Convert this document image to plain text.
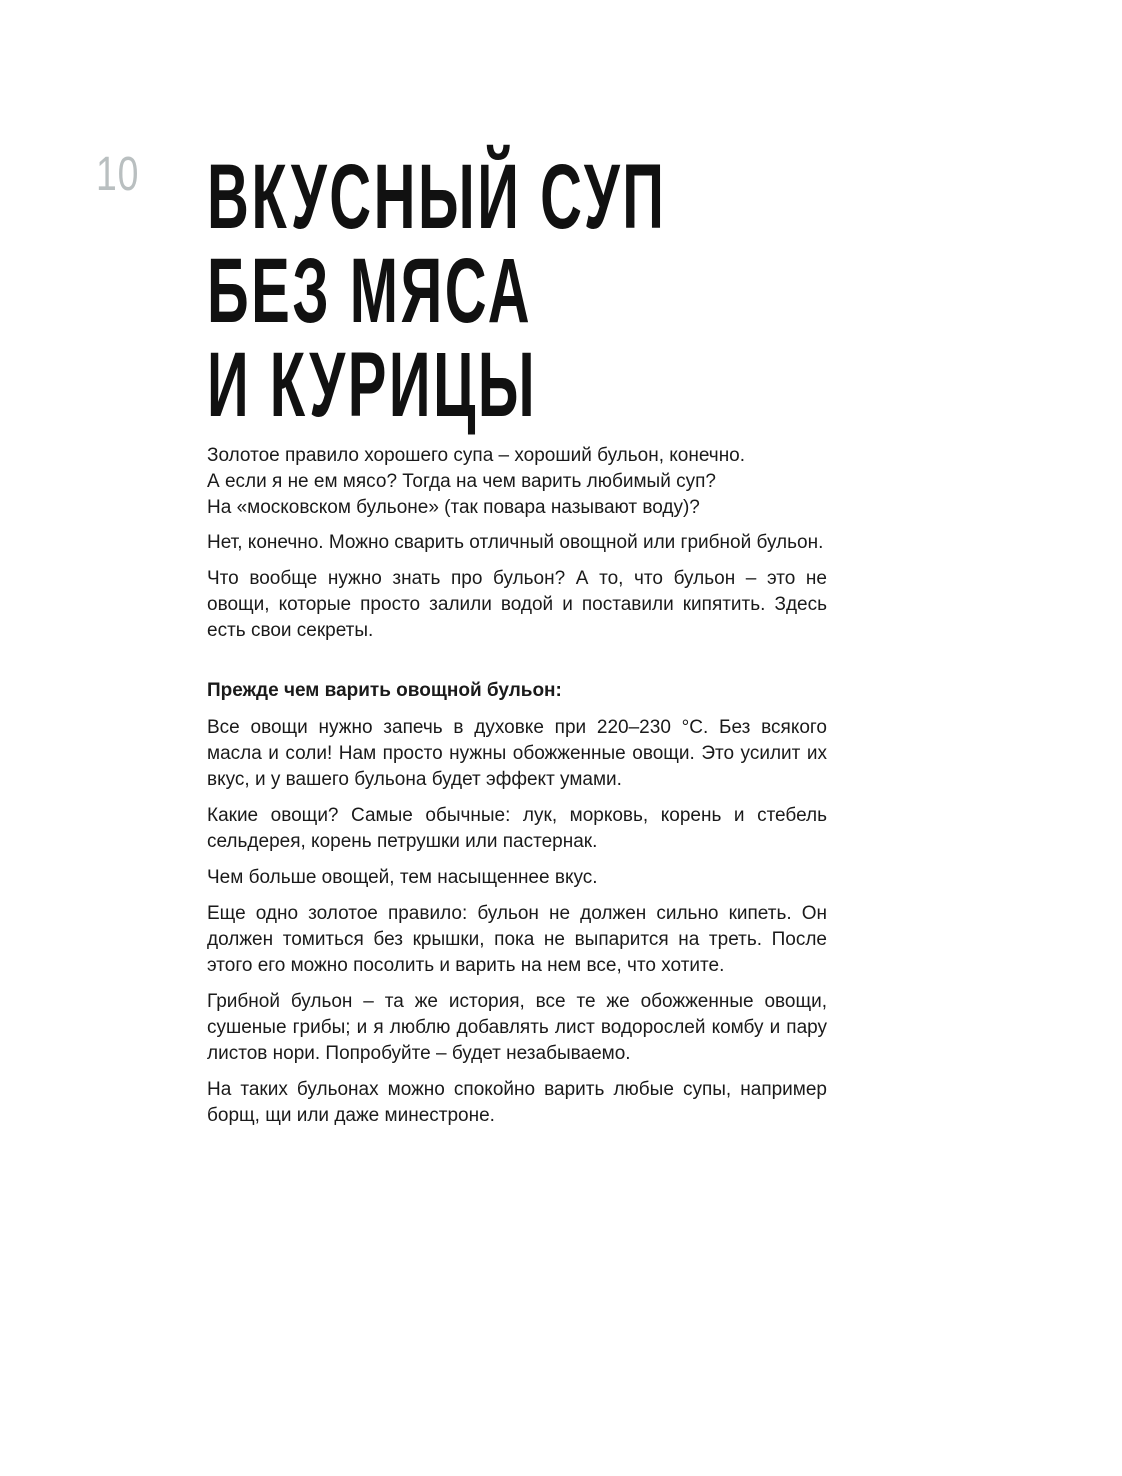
10 ВКУСНЫЙ СУП
БЕЗ МЯСА
И КУРИЦЫ

Золотое правило хорошего супа – хороший бульон, конечно.
А если я не ем мясо? Тогда на чем варить любимый суп?
На «московском бульоне» (так повара называют воду)?

Нет, конечно. Можно сварить отличный овощной или грибной бульон.

Что вообще нужно знать про бульон? А то, что бульон – это не овощи, которые просто залили водой и поставили кипятить. Здесь есть свои секреты.

Прежде чем варить овощной бульон:

Все овощи нужно запечь в духовке при 220–230 °C. Без всякого масла и соли! Нам просто нужны обожженные овощи. Это усилит их вкус, и у вашего бульона будет эффект умами.

Какие овощи? Самые обычные: лук, морковь, корень и стебель сельдерея, корень петрушки или пастернак.

Чем больше овощей, тем насыщеннее вкус.

Еще одно золотое правило: бульон не должен сильно кипеть. Он должен томиться без крышки, пока не выпарится на треть. После этого его можно посолить и варить на нем все, что хотите.

Грибной бульон – та же история, все те же обожженные овощи, сушеные грибы; и я люблю добавлять лист водорослей комбу и пару листов нори. Попробуйте – будет незабываемо.

На таких бульонах можно спокойно варить любые супы, например борщ, щи или даже минестроне.
